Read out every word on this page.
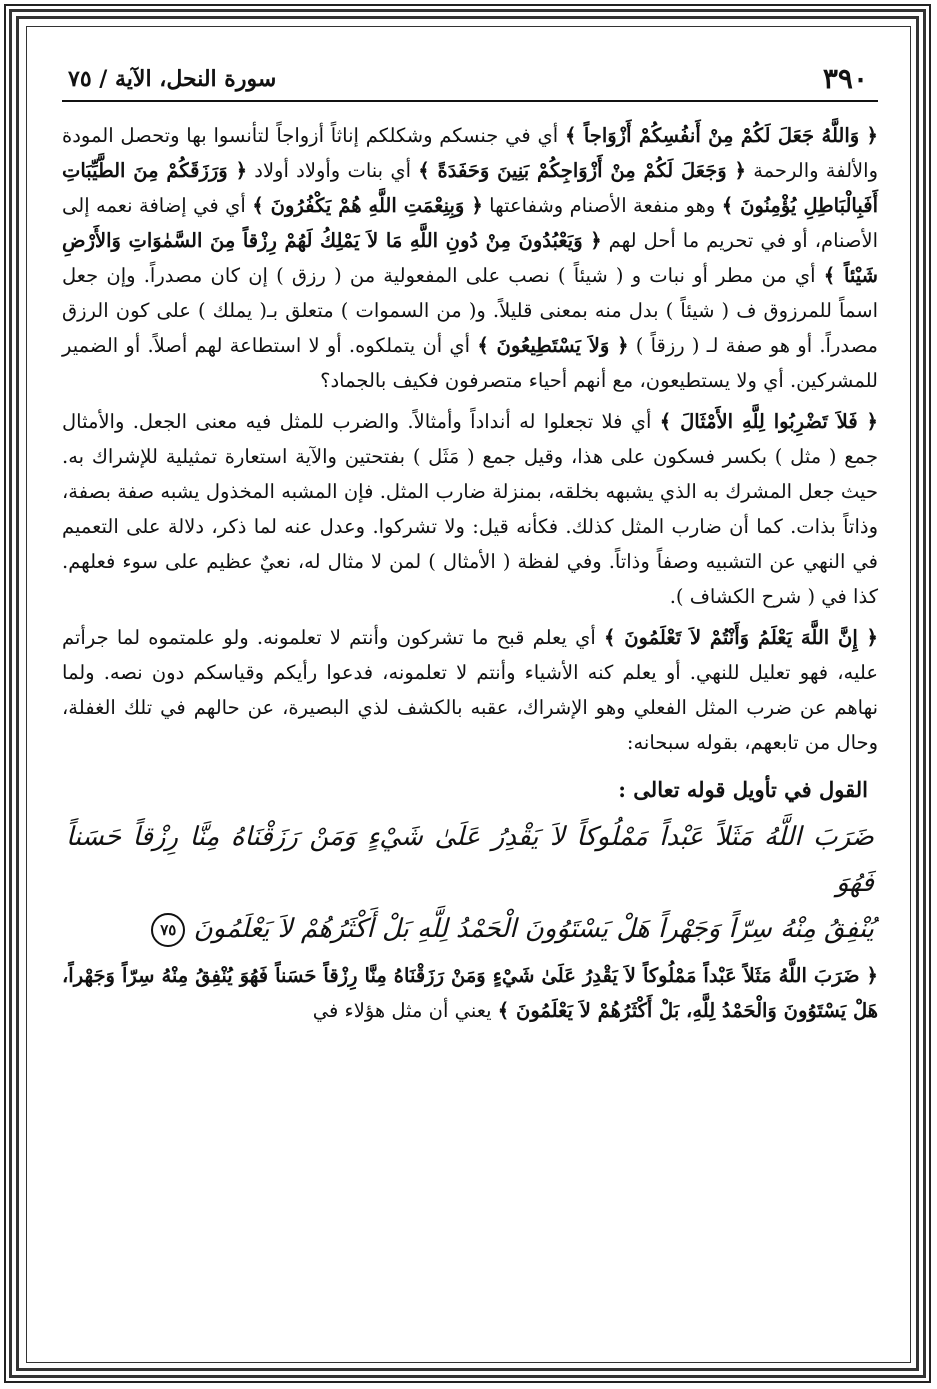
٣٩٠
سورة النحل، الآية / ٧٥

﴿ وَاللَّهُ جَعَلَ لَكُمْ مِنْ أَنفُسِكُمْ أَزْوَاجاً ﴾ أي في جنسكم وشكلكم إناثاً أزواجاً لتأنسوا بها وتحصل المودة والألفة والرحمة ﴿ وَجَعَلَ لَكُمْ مِنْ أَزْوَاجِكُمْ بَنِينَ وَحَفَدَةً ﴾ أي بنات وأولاد أولاد ﴿ وَرَزَقَكُمْ مِنَ الطَّيِّبَاتِ أَفَبِالْبَاطِلِ يُؤْمِنُونَ ﴾ وهو منفعة الأصنام وشفاعتها ﴿ وَبِنِعْمَتِ اللَّهِ هُمْ يَكْفُرُونَ ﴾ أي في إضافة نعمه إلى الأصنام، أو في تحريم ما أحل لهم ﴿ وَيَعْبُدُونَ مِنْ دُونِ اللَّهِ مَا لاَ يَمْلِكُ لَهُمْ رِزْقاً مِنَ السَّمٰوَاتِ وَالأَرْضِ شَيْئاً ﴾ أي من مطر أو نبات و ( شيئاً ) نصب على المفعولية من ( رزق ) إن كان مصدراً. وإن جعل اسماً للمرزوق ف ( شيئاً ) بدل منه بمعنى قليلاً. و( من السموات ) متعلق بـ( يملك ) على كون الرزق مصدراً. أو هو صفة لـ ( رزقاً ) ﴿ وَلاَ يَسْتَطِيعُونَ ﴾ أي أن يتملكوه. أو لا استطاعة لهم أصلاً. أو الضمير للمشركين. أي ولا يستطيعون، مع أنهم أحياء متصرفون فكيف بالجماد؟

﴿ فَلاَ تَضْرِبُوا لِلَّهِ الأَمْثَالَ ﴾ أي فلا تجعلوا له أنداداً وأمثالاً. والضرب للمثل فيه معنى الجعل. والأمثال جمع ( مثل ) بكسر فسكون على هذا، وقيل جمع ( مَثَل ) بفتحتين والآية استعارة تمثيلية للإشراك به. حيث جعل المشرك به الذي يشبهه بخلقه، بمنزلة ضارب المثل. فإن المشبه المخذول يشبه صفة بصفة، وذاتاً بذات. كما أن ضارب المثل كذلك. فكأنه قيل: ولا تشركوا. وعدل عنه لما ذكر، دلالة على التعميم في النهي عن التشبيه وصفاً وذاتاً. وفي لفظة ( الأمثال ) لمن لا مثال له، نعيٌ عظيم على سوء فعلهم. كذا في ( شرح الكشاف ).

﴿ إِنَّ اللَّهَ يَعْلَمُ وَأَنْتُمْ لاَ تَعْلَمُونَ ﴾ أي يعلم قبح ما تشركون وأنتم لا تعلمونه. ولو علمتموه لما جرأتم عليه، فهو تعليل للنهي. أو يعلم كنه الأشياء وأنتم لا تعلمونه، فدعوا رأيكم وقياسكم دون نصه. ولما نهاهم عن ضرب المثل الفعلي وهو الإشراك، عقبه بالكشف لذي البصيرة، عن حالهم في تلك الغفلة، وحال من تابعهم، بقوله سبحانه:

القول في تأويل قوله تعالى :
ضَرَبَ اللَّهُ مَثَلاً عَبْداً مَمْلُوكاً لاَ يَقْدِرُ عَلَىٰ شَيْءٍ وَمَنْ رَزَقْنَاهُ مِنَّا رِزْقاً حَسَناً فَهُوَ
يُنْفِقُ مِنْهُ سِرّاً وَجَهْراً هَلْ يَسْتَوُونَ الْحَمْدُ لِلَّهِ بَلْ أَكْثَرُهُمْ لاَ يَعْلَمُونَ ٧٥

﴿ ضَرَبَ اللَّهُ مَثَلاً عَبْداً مَمْلُوكاً لاَ يَقْدِرُ عَلَىٰ شَيْءٍ وَمَنْ رَزَقْنَاهُ مِنَّا رِزْقاً حَسَناً فَهُوَ يُنْفِقُ مِنْهُ سِرّاً وَجَهْراً، هَلْ يَسْتَوُونَ وَالْحَمْدُ لِلَّهِ، بَلْ أَكْثَرُهُمْ لاَ يَعْلَمُونَ ﴾ يعني أن مثل هؤلاء في
